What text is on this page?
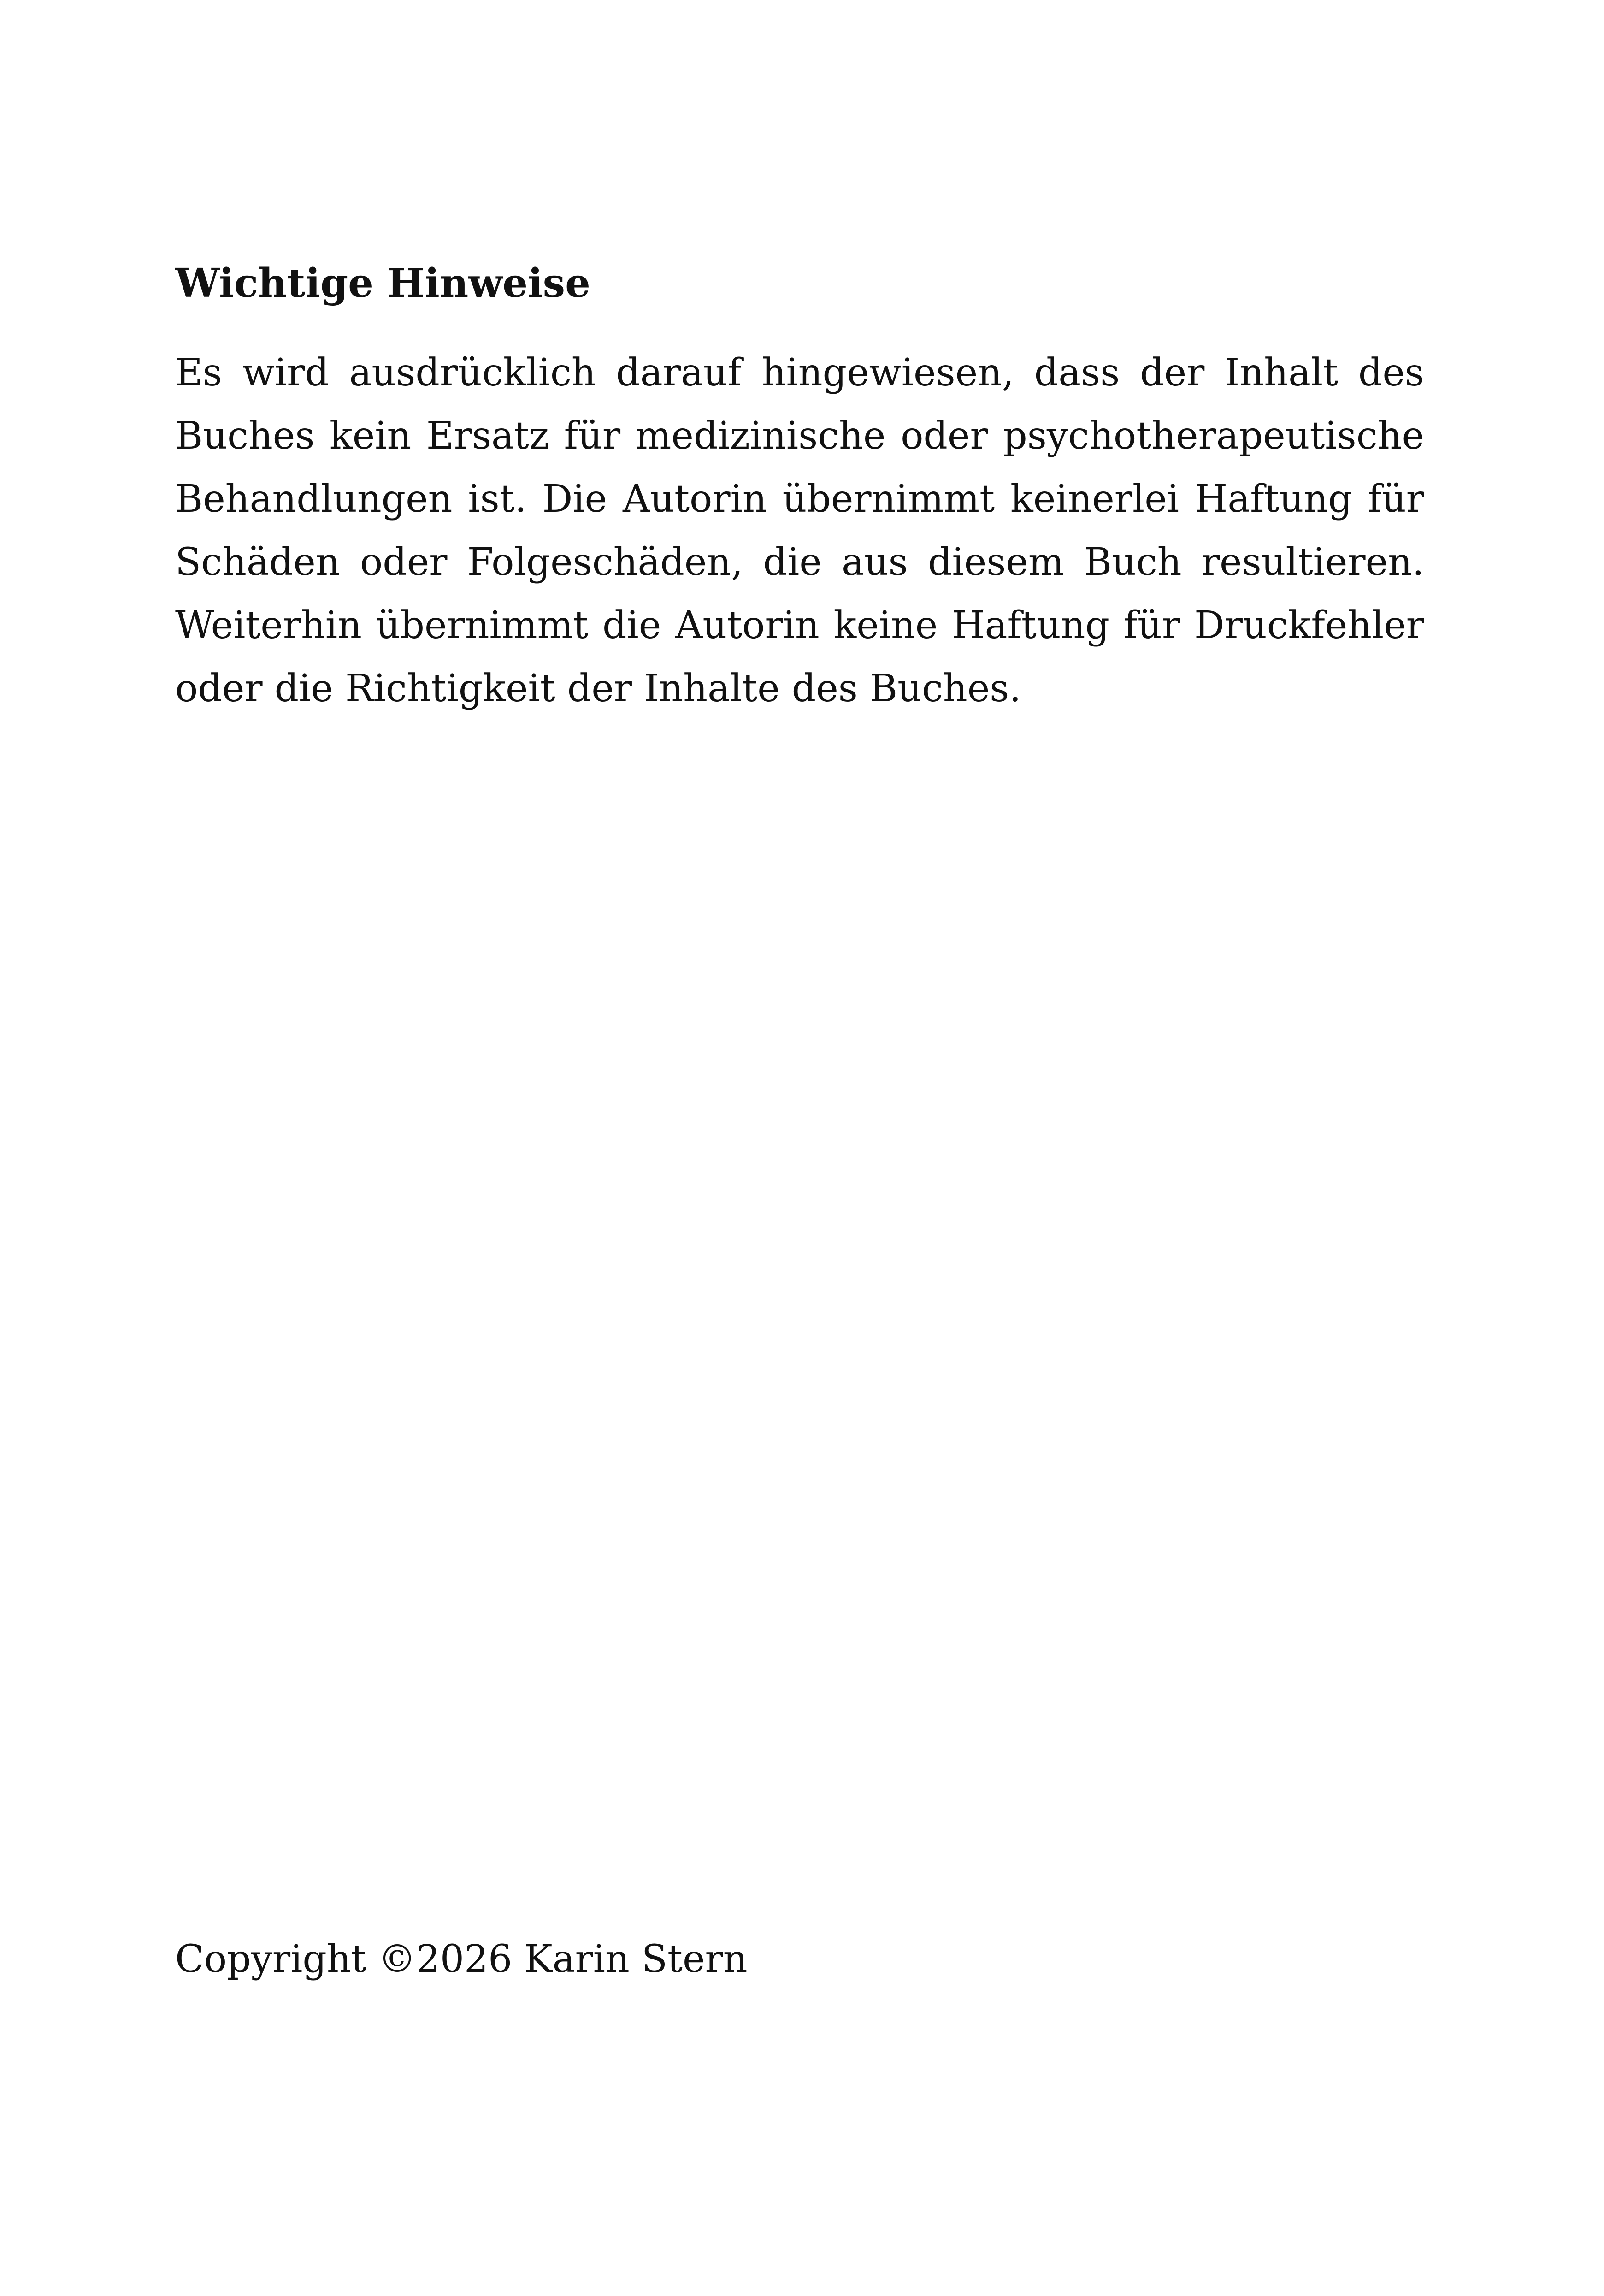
Wichtige Hinweise

Es wird ausdrücklich darauf hingewiesen, dass der Inhalt des Buches kein Ersatz für medizinische oder psychotherapeutische Behandlungen ist. Die Autorin übernimmt keinerlei Haftung für Schäden oder Folgeschäden, die aus diesem Buch resultieren. Weiterhin übernimmt die Autorin keine Haftung für Druckfehler oder die Richtigkeit der Inhalte des Buches.

Copyright ©2026 Karin Stern
